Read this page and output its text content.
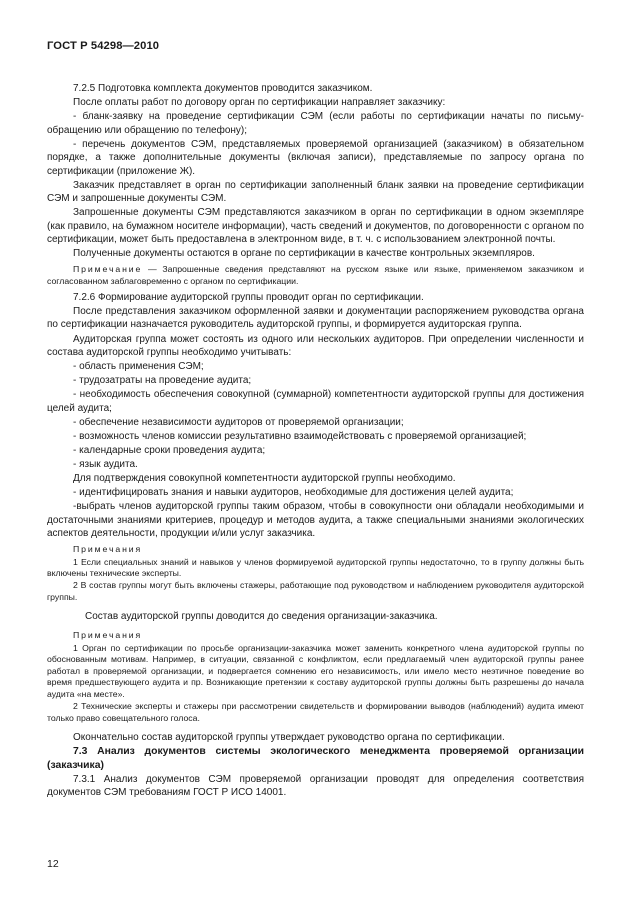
ГОСТ Р 54298—2010

7.2.5 Подготовка комплекта документов проводится заказчиком.

После оплаты работ по договору орган по сертификации направляет заказчику:

- бланк-заявку на проведение сертификации СЭМ (если работы по сертификации начаты по письму-обращению или обращению по телефону);

- перечень документов СЭМ, представляемых проверяемой организацией (заказчиком) в обязательном порядке, а также дополнительные документы (включая записи), представляемые по запросу органа по сертификации (приложение Ж).

Заказчик представляет в орган по сертификации заполненный бланк заявки на проведение сертификации СЭМ и запрошенные документы СЭМ.

Запрошенные документы СЭМ представляются заказчиком в орган по сертификации в одном экземпляре (как правило, на бумажном носителе информации), часть сведений и документов, по договоренности с органом по сертификации, может быть предоставлена в электронном виде, в т. ч. с использованием электронной почты.

Полученные документы остаются в органе по сертификации в качестве контрольных экземпляров.

Примечание — Запрошенные сведения представляют на русском языке или языке, применяемом заказчиком и согласованном заблаговременно с органом по сертификации.

7.2.6 Формирование аудиторской группы проводит орган по сертификации.

После представления заказчиком оформленной заявки и документации распоряжением руководства органа по сертификации назначается руководитель аудиторской группы, и формируется аудиторская группа.

Аудиторская группа может состоять из одного или нескольких аудиторов. При определении численности и состава аудиторской группы необходимо учитывать:

- область применения СЭМ;

- трудозатраты на проведение аудита;

- необходимость обеспечения совокупной (суммарной) компетентности аудиторской группы для достижения целей аудита;

- обеспечение независимости аудиторов от проверяемой организации;

- возможность членов комиссии результативно взаимодействовать с проверяемой организацией;

- календарные сроки проведения аудита;

- язык аудита.

Для подтверждения совокупной компетентности аудиторской группы необходимо.

- идентифицировать знания и навыки аудиторов, необходимые для достижения целей аудита;

-выбрать членов аудиторской группы таким образом, чтобы в совокупности они обладали необходимыми и достаточными знаниями критериев, процедур и методов аудита, а также специальными знаниями экологических аспектов деятельности, продукции и/или услуг заказчика.

Примечания

1 Если специальных знаний и навыков у членов формируемой аудиторской группы недостаточно, то в группу должны быть включены технические эксперты.

2 В состав группы могут быть включены стажеры, работающие под руководством и наблюдением руководителя аудиторской группы.

Состав аудиторской группы доводится до сведения организации-заказчика.

Примечания

1 Орган по сертификации по просьбе организации-заказчика может заменить конкретного члена аудиторской группы по обоснованным мотивам. Например, в ситуации, связанной с конфликтом, если предлагаемый член аудиторской группы ранее работал в проверяемой организации, и подвергается сомнению его независимость, или имело место неэтичное поведение во время предшествующего аудита и пр. Возникающие претензии к составу аудиторской группы должны быть разрешены до начала аудита «на месте».

2 Технические эксперты и стажеры при рассмотрении свидетельств и формировании выводов (наблюдений) аудита имеют только право совещательного голоса.

Окончательно состав аудиторской группы утверждает руководство органа по сертификации.

7.3 Анализ документов системы экологического менеджмента проверяемой организации (заказчика)

7.3.1 Анализ документов СЭМ проверяемой организации проводят для определения соответствия документов СЭМ требованиям ГОСТ Р ИСО 14001.

12
